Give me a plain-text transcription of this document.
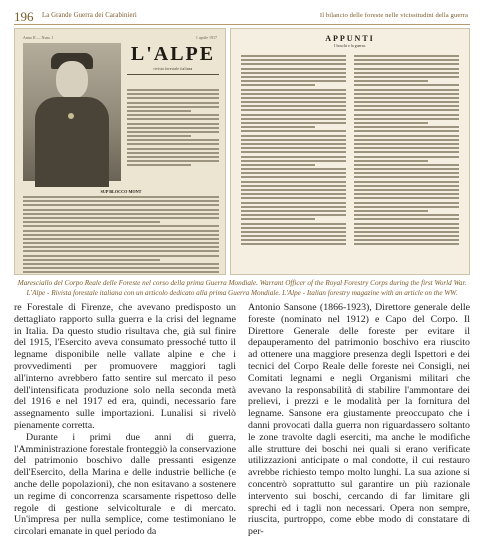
196 La Grande Guerra dei Carabinieri	Il bilancio delle foreste nelle vicissitudini della guerra
Anno II — Num. 1	1 aprile 1917
L'ALPE
rivista forestale italiana
SUP BLOCCO MONT
APPUNTI
I boschi e la guerra.
Maresciallo del Corpo Reale delle Foreste nel corso della prima Guerra Mondiale. Warrant Officer of the Royal Forestry Corps during the first World War.
L'Alpe - Rivista forestale italiana con un articolo dedicato alla prima Guerra Mondiale. L'Alpe - Italian forestry magazine with an article on the WW.

re Forestale di Firenze, che avevano predisposto un dettagliato rapporto sulla guerra e la crisi del legname in Italia. Da questo studio risultava che, già sul finire del 1915, l'Esercito aveva consumato pressoché tutto il legname disponibile nelle vallate alpine e che i provvedimenti per promuovere maggiori tagli all'interno avrebbero fatto sentire sul mercato il peso dell'intensificata produzione solo nella seconda metà del 1916 e nel 1917 ed era, quindi, necessario fare assegnamento sulle importazioni. Lunalisi si rivelò pienamente corretta.

Durante i primi due anni di guerra, l'Amministrazione forestale fronteggiò la conservazione del patrimonio boschivo dalle pressanti esigenze dell'Esercito, della Marina e delle industrie belliche (e anche delle popolazioni), che non esitavano a sostenere un regime di concorrenza scarsamente rispettoso delle regole di gestione selvicolturale e di mercato. Un'impresa per nulla semplice, come testimoniano le circolari emanate in quel periodo da

Antonio Sansone (1866-1923), Direttore generale delle foreste (nominato nel 1912) e Capo del Corpo. Il Direttore Generale delle foreste per evitare il depauperamento del patrimonio boschivo era riuscito ad ottenere una maggiore presenza degli Ispettori e dei tecnici del Corpo Reale delle foreste nei Consigli, nei Comitati legnami e negli Organismi militari che avevano la responsabilità di stabilire l'ammontare dei prelievi, i prezzi e le modalità per la fornitura del legname. Sansone era giustamente preoccupato che i danni provocati dalla guerra non riguardassero soltanto le zone travolte dagli eserciti, ma anche le modifiche alle strutture dei boschi nei quali si erano verificate utilizzazioni anticipate o mal condotte, il cui restauro avrebbe richiesto tempo molto lunghi. La sua azione si concentrò soprattutto sul garantire un più razionale intervento sui boschi, cercando di far limitare gli sprechi ed i tagli non necessari. Opera non sempre, riuscita, purtroppo, come ebbe modo di constatare di per-
